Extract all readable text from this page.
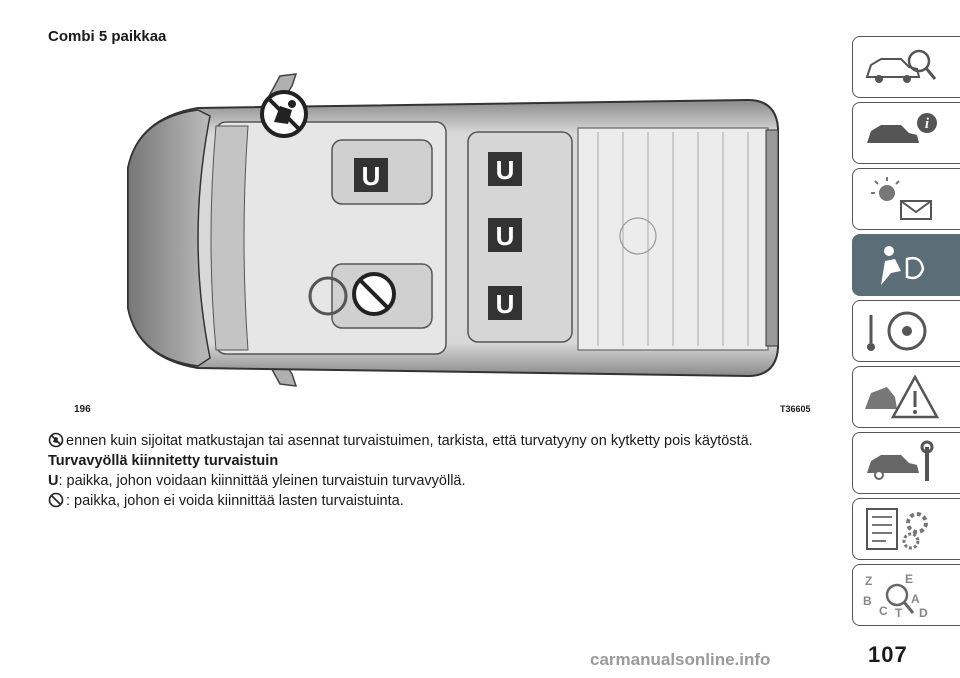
Combi 5 paikkaa
U	U
U
U
196	T36605
ennen kuin sijoitat matkustajan tai asennat turvaistuimen, tarkista, että turvatyyny on kytketty pois käytöstä.
Turvavyöllä kiinnitetty turvaistuin
U: paikka, johon voidaan kiinnittää yleinen turvaistuin turvavyöllä.
: paikka, johon ei voida kiinnittää lasten turvaistuinta.
i
Z	E
B
C
A
D
T
107
carmanualsonline.info
